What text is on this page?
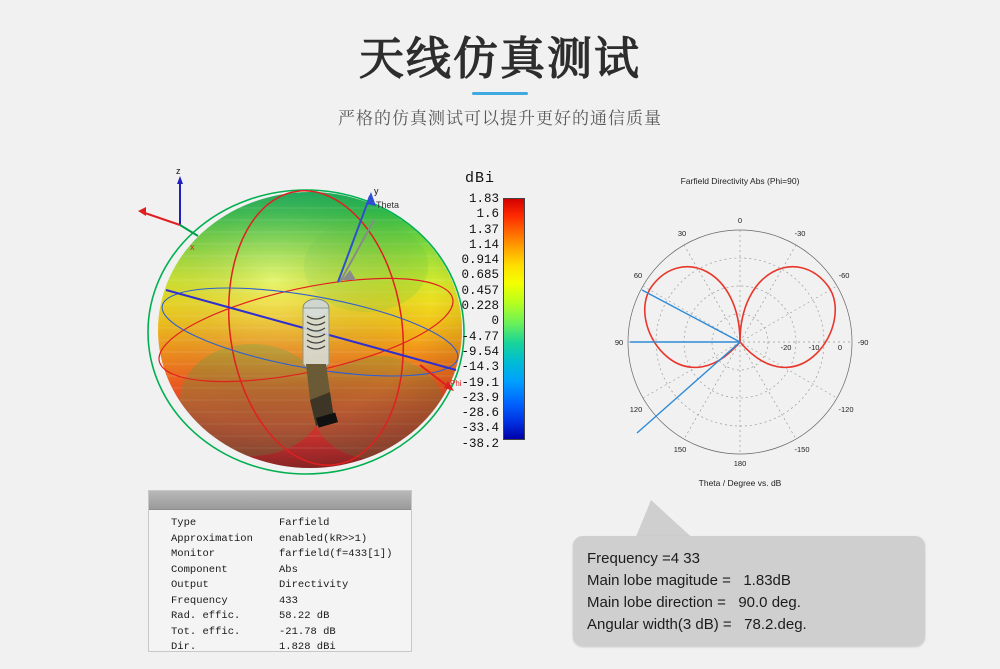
天线仿真测试
严格的仿真测试可以提升更好的通信质量
z
x
y
Theta
Phi
dBi
1.83
1.6
1.37
1.14
0.914
0.685
0.457
0.228
0
-4.77
-9.54
-14.3
-19.1
-23.9
-28.6
-33.4
-38.2
Farfield Directivity Abs (Phi=90)
Theta / Degree vs. dB
0
30	-30
60	-60
90	-90
120	-120
150	-150
180
-20 -10 0
Type	Farfield
Approximation	enabled(kR>>1)
Monitor	farfield(f=433[1])
Component	Abs
Output	Directivity
Frequency	433
Rad. effic.	58.22 dB
Tot. effic.	-21.78 dB
Dir.	1.828 dBi
Frequency =4 33
Main lobe magitude =   1.83dB
Main lobe direction =   90.0 deg.
Angular width(3 dB) =   78.2.deg.
